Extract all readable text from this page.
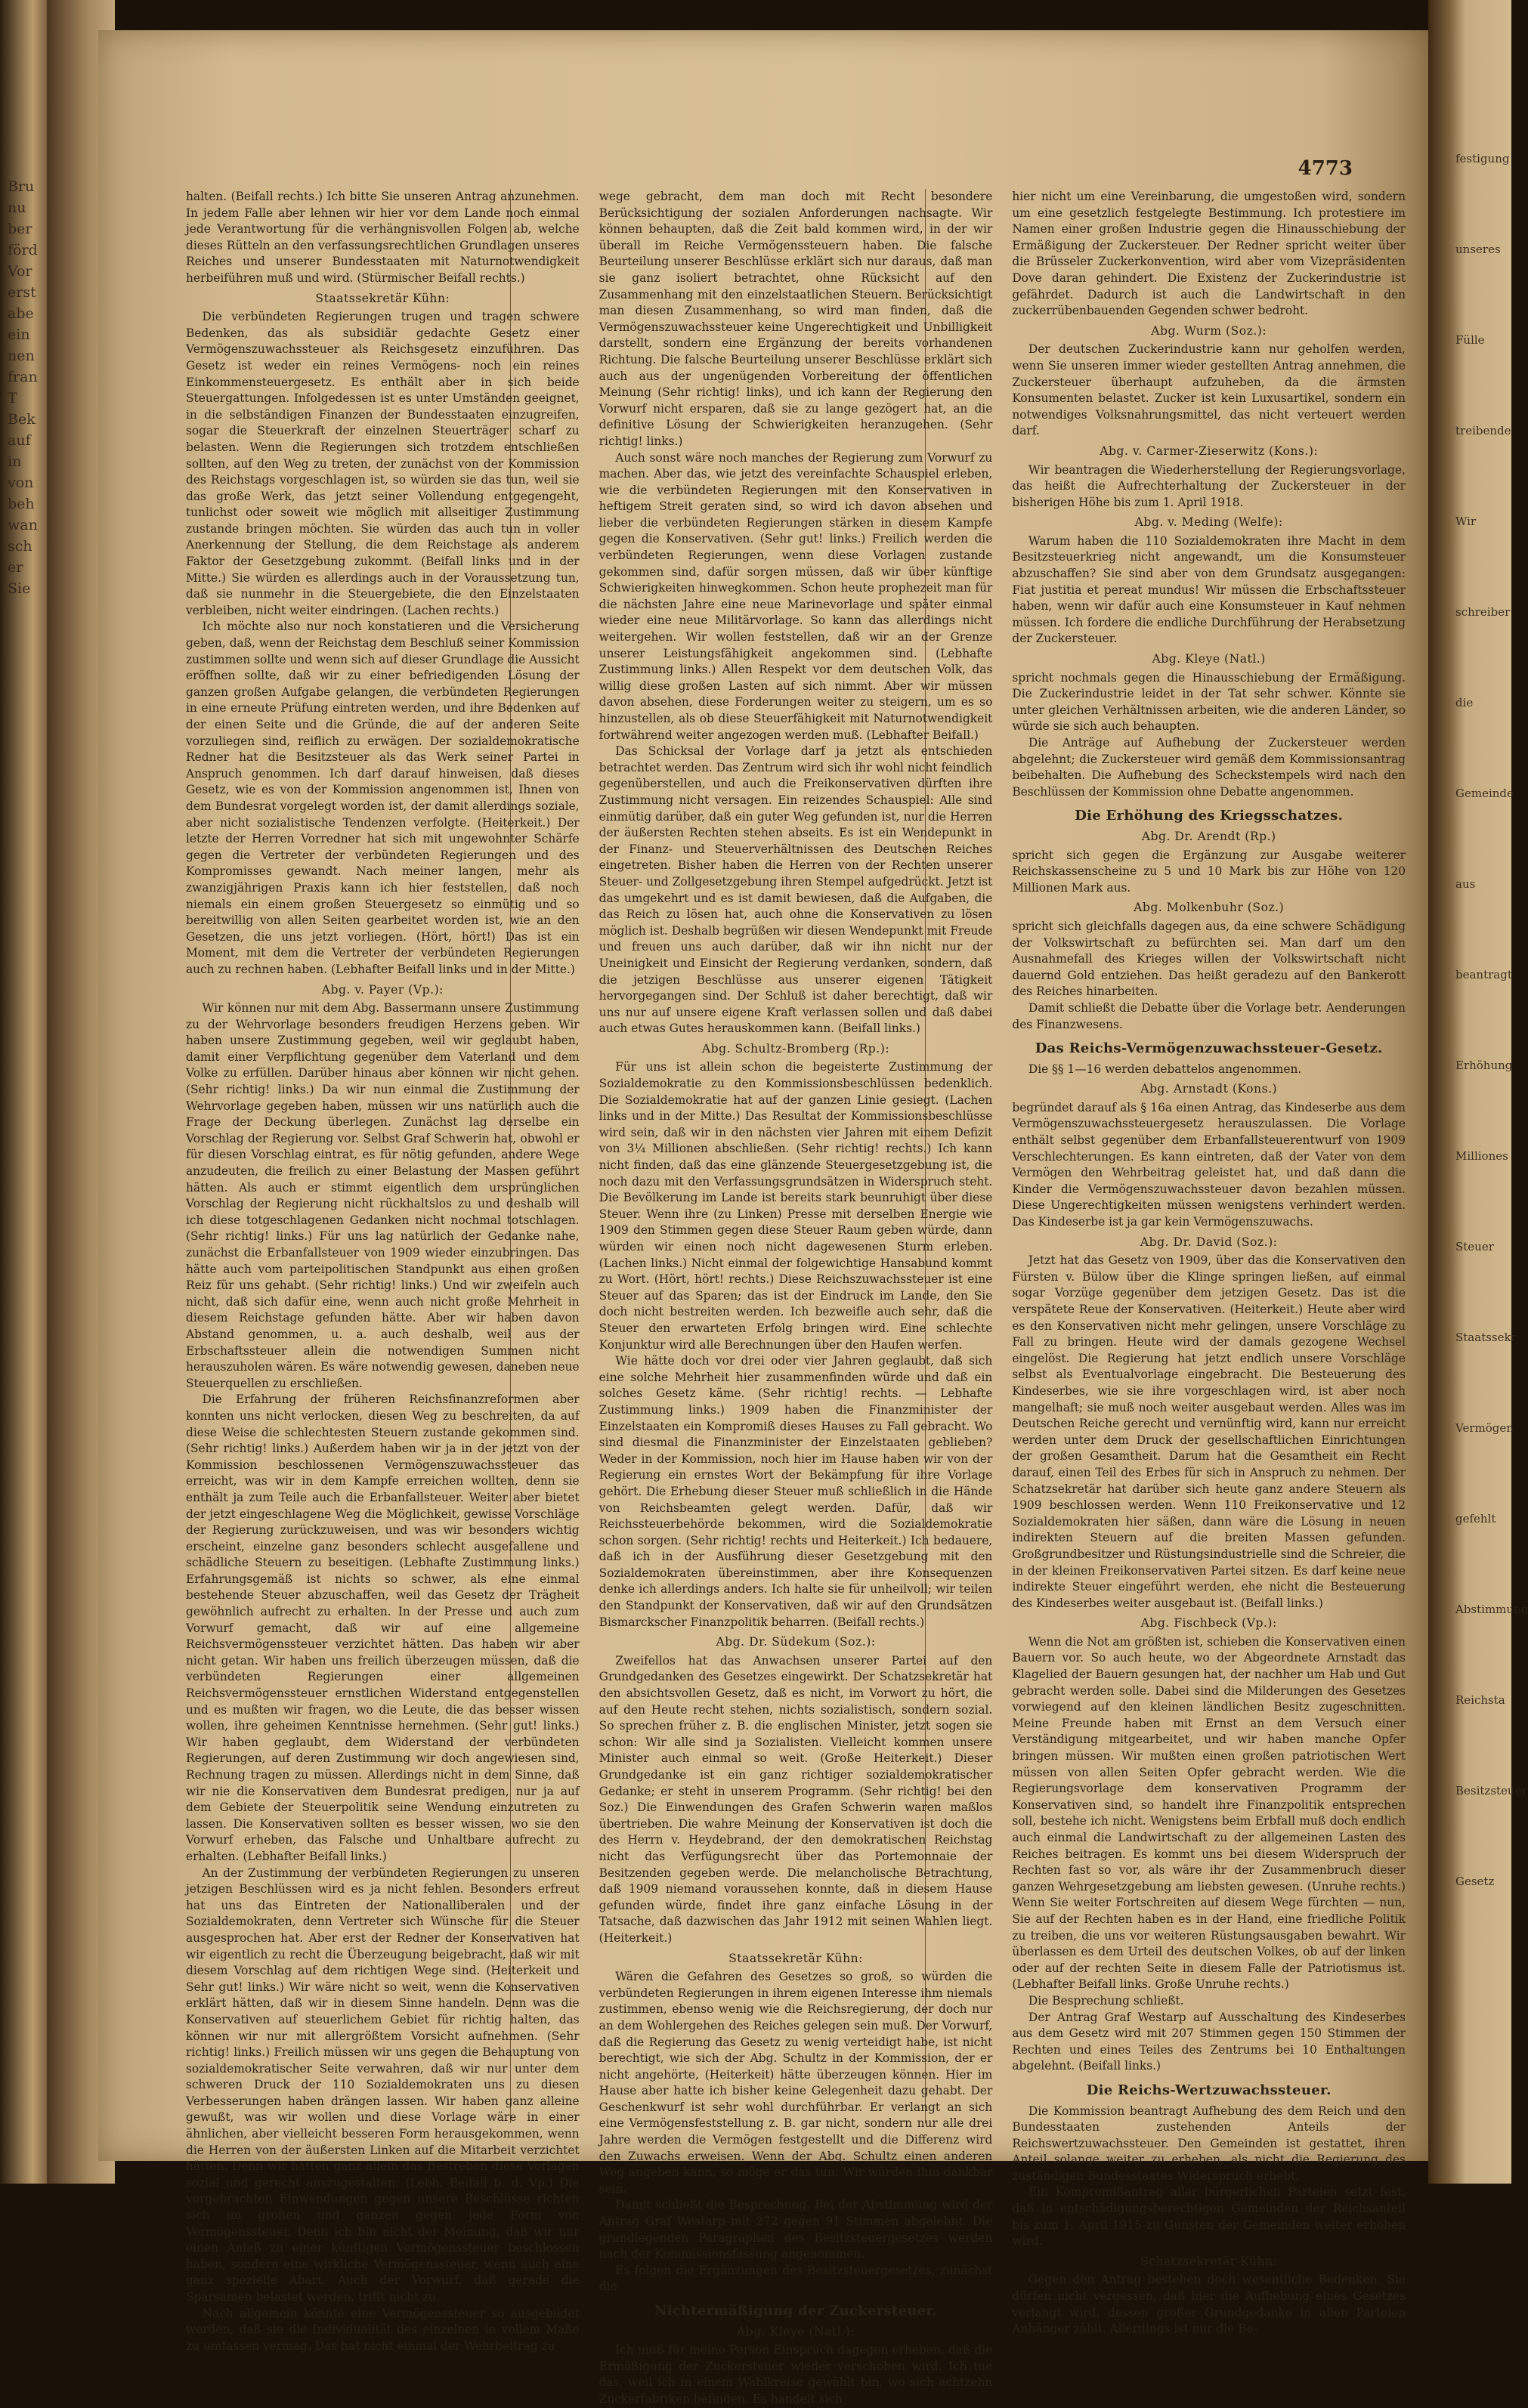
Bru
nu
ber
förd
Vor
erst
abe
ein
nen
fran
T
Bek
auf
in
von
beh
wan
sch
er
Sie
4773

halten. (Beifall rechts.) Ich bitte Sie unseren Antrag anzunehmen. In jedem Falle aber lehnen wir hier vor dem Lande noch einmal jede Verantwortung für die verhängnisvollen Folgen ab, welche dieses Rütteln an den verfassungsrechtlichen Grundlagen unseres Reiches und unserer Bundesstaaten mit Naturnotwendigkeit herbeiführen muß und wird. (Stürmischer Beifall rechts.)

Staatssekretär Kühn:

Die verbündeten Regierungen trugen und tragen schwere Bedenken, das als subsidiär gedachte Gesetz einer Vermögenszuwachssteuer als Reichsgesetz einzuführen. Das Gesetz ist weder ein reines Vermögens- noch ein reines Einkommensteuergesetz. Es enthält aber in sich beide Steuergattungen. Infolgedessen ist es unter Umständen geeignet, in die selbständigen Finanzen der Bundesstaaten einzugreifen, sogar die Steuerkraft der einzelnen Steuerträger scharf zu belasten. Wenn die Regierungen sich trotzdem entschließen sollten, auf den Weg zu treten, der zunächst von der Kommission des Reichstags vorgeschlagen ist, so würden sie das tun, weil sie das große Werk, das jetzt seiner Vollendung entgegengeht, tunlichst oder soweit wie möglich mit allseitiger Zustimmung zustande bringen möchten. Sie würden das auch tun in voller Anerkennung der Stellung, die dem Reichstage als anderem Faktor der Gesetzgebung zukommt. (Beifall links und in der Mitte.) Sie würden es allerdings auch in der Voraussetzung tun, daß sie nunmehr in die Steuergebiete, die den Einzelstaaten verbleiben, nicht weiter eindringen. (Lachen rechts.)

Ich möchte also nur noch konstatieren und die Versicherung geben, daß, wenn der Reichstag dem Beschluß seiner Kommission zustimmen sollte und wenn sich auf dieser Grundlage die Aussicht eröffnen sollte, daß wir zu einer befriedigenden Lösung der ganzen großen Aufgabe gelangen, die verbündeten Regierungen in eine erneute Prüfung eintreten werden, und ihre Bedenken auf der einen Seite und die Gründe, die auf der anderen Seite vorzuliegen sind, reiflich zu erwägen. Der sozialdemokratische Redner hat die Besitzsteuer als das Werk seiner Partei in Anspruch genommen. Ich darf darauf hinweisen, daß dieses Gesetz, wie es von der Kommission angenommen ist, Ihnen von dem Bundesrat vorgelegt worden ist, der damit allerdings soziale, aber nicht sozialistische Tendenzen verfolgte. (Heiterkeit.) Der letzte der Herren Vorredner hat sich mit ungewohnter Schärfe gegen die Vertreter der verbündeten Regierungen und des Kompromisses gewandt. Nach meiner langen, mehr als zwanzigjährigen Praxis kann ich hier feststellen, daß noch niemals ein einem großen Steuergesetz so einmütig und so bereitwillig von allen Seiten gearbeitet worden ist, wie an den Gesetzen, die uns jetzt vorliegen. (Hört, hört!) Das ist ein Moment, mit dem die Vertreter der verbündeten Regierungen auch zu rechnen haben. (Lebhafter Beifall links und in der Mitte.)

Abg. v. Payer (Vp.):

Wir können nur mit dem Abg. Bassermann unsere Zustimmung zu der Wehrvorlage besonders freudigen Herzens geben. Wir haben unsere Zustimmung gegeben, weil wir geglaubt haben, damit einer Verpflichtung gegenüber dem Vaterland und dem Volke zu erfüllen. Darüber hinaus aber können wir nicht gehen. (Sehr richtig! links.) Da wir nun einmal die Zustimmung der Wehrvorlage gegeben haben, müssen wir uns natürlich auch die Frage der Deckung überlegen. Zunächst lag derselbe ein Vorschlag der Regierung vor. Selbst Graf Schwerin hat, obwohl er für diesen Vorschlag eintrat, es für nötig gefunden, andere Wege anzudeuten, die freilich zu einer Belastung der Massen geführt hätten. Als auch er stimmt eigentlich dem ursprünglichen Vorschlag der Regierung nicht rückhaltslos zu und deshalb will ich diese totgeschlagenen Gedanken nicht nochmal totschlagen. (Sehr richtig! links.) Für uns lag natürlich der Gedanke nahe, zunächst die Erbanfallsteuer von 1909 wieder einzubringen. Das hätte auch vom parteipolitischen Standpunkt aus einen großen Reiz für uns gehabt. (Sehr richtig! links.) Und wir zweifeln auch nicht, daß sich dafür eine, wenn auch nicht große Mehrheit in diesem Reichstage gefunden hätte. Aber wir haben davon Abstand genommen, u. a. auch deshalb, weil aus der Erbschaftssteuer allein die notwendigen Summen nicht herauszuholen wären. Es wäre notwendig gewesen, daneben neue Steuerquellen zu erschließen.

Die Erfahrung der früheren Reichsfinanzreformen aber konnten uns nicht verlocken, diesen Weg zu beschreiten, da auf diese Weise die schlechtesten Steuern zustande gekommen sind. (Sehr richtig! links.) Außerdem haben wir ja in der jetzt von der Kommission beschlossenen Vermögenszuwachssteuer das erreicht, was wir in dem Kampfe erreichen wollten, denn sie enthält ja zum Teile auch die Erbanfallsteuer. Weiter aber bietet der jetzt eingeschlagene Weg die Möglichkeit, gewisse Vorschläge der Regierung zurückzuweisen, und was wir besonders wichtig erscheint, einzelne ganz besonders schlecht ausgefallene und schädliche Steuern zu beseitigen. (Lebhafte Zustimmung links.) Erfahrungsgemäß ist nichts so schwer, als eine einmal bestehende Steuer abzuschaffen, weil das Gesetz der Trägheit gewöhnlich aufrecht zu erhalten. In der Presse und auch zum Vorwurf gemacht, daß wir auf eine allgemeine Reichsvermögenssteuer verzichtet hätten. Das haben wir aber nicht getan. Wir haben uns freilich überzeugen müssen, daß die verbündeten Regierungen einer allgemeinen Reichsvermögenssteuer ernstlichen Widerstand entgegenstellen und es mußten wir fragen, wo die Leute, die das besser wissen wollen, ihre geheimen Kenntnisse hernehmen. (Sehr gut! links.) Wir haben geglaubt, dem Widerstand der verbündeten Regierungen, auf deren Zustimmung wir doch angewiesen sind, Rechnung tragen zu müssen. Allerdings nicht in dem Sinne, daß wir nie die Konservativen dem Bundesrat predigen, nur ja auf dem Gebiete der Steuerpolitik seine Wendung einzutreten zu lassen. Die Konservativen sollten es besser wissen, wo sie den Vorwurf erheben, das Falsche und Unhaltbare aufrecht zu erhalten. (Lebhafter Beifall links.)

An der Zustimmung der verbündeten Regierungen zu unseren jetzigen Beschlüssen wird es ja nicht fehlen. Besonders erfreut hat uns das Eintreten der Nationalliberalen und der Sozialdemokraten, denn Vertreter sich Wünsche für die Steuer ausgesprochen hat. Aber erst der Redner der Konservativen hat wir eigentlich zu recht die Überzeugung beigebracht, daß wir mit diesem Vorschlag auf dem richtigen Wege sind. (Heiterkeit und Sehr gut! links.) Wir wäre nicht so weit, wenn die Konservativen erklärt hätten, daß wir in diesem Sinne handeln. Denn was die Konservativen auf steuerlichem Gebiet für richtig halten, das können wir nur mit allergrößtem Vorsicht aufnehmen. (Sehr richtig! links.) Freilich müssen wir uns gegen die Behauptung von sozialdemokratischer Seite verwahren, daß wir nur unter dem schweren Druck der 110 Sozialdemokraten uns zu diesen Verbesserungen haben drängen lassen. Wir haben ganz alleine gewußt, was wir wollen und diese Vorlage wäre in einer ähnlichen, aber vielleicht besseren Form herausgekommen, wenn die Herren von der äußersten Linken auf die Mitarbeit verzichtet hätten. Denn wir hatten ganz allein das Bestreben diese Vorlagen sozial und gerecht auszugestalten. (Lebh. Beifall b. d. Vp.) Die vorgebrachten Einwendungen gegen unsere Beschlüsse richten sich im großen und ganzen gegen jede Form von Vermögenssteuer. Denn ich bin nicht der Meinung, daß wir nur einen Anlaß zu einer künftigen Vermögenssteuer beschlossen haben, sondern eine wirkliche Vermögenssteuer, wenn auch eine ganz spezielle Abart. Auch der Vorwurf, daß gerade die Sparsamen belastet werden, trifft nicht zu.

Nach allgemein könnte eine Vermögenssteuer so ausgebildet werden, daß sie die Individualität des einzelnen in vollem Maße zu umfassen vermag. Das hat nicht einmal der Wehrbeitrag zu

wege gebracht, dem man doch mit Recht besondere Berücksichtigung der sozialen Anforderungen nachsagte. Wir können behaupten, daß die Zeit bald kommen wird, in der wir überall im Reiche Vermögenssteuern haben. Die falsche Beurteilung unserer Beschlüsse erklärt sich nur daraus, daß man sie ganz isoliert betrachtet, ohne Rücksicht auf den Zusammenhang mit den einzelstaatlichen Steuern. Berücksichtigt man diesen Zusammenhang, so wird man finden, daß die Vermögenszuwachssteuer keine Ungerechtigkeit und Unbilligkeit darstellt, sondern eine Ergänzung der bereits vorhandenen Richtung. Die falsche Beurteilung unserer Beschlüsse erklärt sich auch aus der ungenügenden Vorbereitung der öffentlichen Meinung (Sehr richtig! links), und ich kann der Regierung den Vorwurf nicht ersparen, daß sie zu lange gezögert hat, an die definitive Lösung der Schwierigkeiten heranzugehen. (Sehr richtig! links.)

Auch sonst wäre noch manches der Regierung zum Vorwurf zu machen. Aber das, wie jetzt des vereinfachte Schauspiel erleben, wie die verbündeten Regierungen mit den Konservativen in heftigem Streit geraten sind, so wird ich davon absehen und lieber die verbündeten Regierungen stärken in diesem Kampfe gegen die Konservativen. (Sehr gut! links.) Freilich werden die verbündeten Regierungen, wenn diese Vorlagen zustande gekommen sind, dafür sorgen müssen, daß wir über künftige Schwierigkeiten hinwegkommen. Schon heute prophezeit man für die nächsten Jahre eine neue Marinevorlage und später einmal wieder eine neue Militärvorlage. So kann das allerdings nicht weitergehen. Wir wollen feststellen, daß wir an der Grenze unserer Leistungsfähigkeit angekommen sind. (Lebhafte Zustimmung links.) Allen Respekt vor dem deutschen Volk, das willig diese großen Lasten auf sich nimmt. Aber wir müssen davon absehen, diese Forderungen weiter zu steigern, um es so hinzustellen, als ob diese Steuerfähigkeit mit Naturnotwendigkeit fortwährend weiter angezogen werden muß. (Lebhafter Beifall.)

Das Schicksal der Vorlage darf ja jetzt als entschieden betrachtet werden. Das Zentrum wird sich ihr wohl nicht feindlich gegenüberstellen, und auch die Freikonservativen dürften ihre Zustimmung nicht versagen. Ein reizendes Schauspiel: Alle sind einmütig darüber, daß ein guter Weg gefunden ist, nur die Herren der äußersten Rechten stehen abseits. Es ist ein Wendepunkt in der Finanz- und Steuerverhältnissen des Deutschen Reiches eingetreten. Bisher haben die Herren von der Rechten unserer Steuer- und Zollgesetzgebung ihren Stempel aufgedrückt. Jetzt ist das umgekehrt und es ist damit bewiesen, daß die Aufgaben, die das Reich zu lösen hat, auch ohne die Konservativen zu lösen möglich ist. Deshalb begrüßen wir diesen Wendepunkt mit Freude und freuen uns auch darüber, daß wir ihn nicht nur der Uneinigkeit und Einsicht der Regierung verdanken, sondern, daß die jetzigen Beschlüsse aus unserer eigenen Tätigkeit hervorgegangen sind. Der Schluß ist daher berechtigt, daß wir uns nur auf unsere eigene Kraft verlassen sollen und daß dabei auch etwas Gutes herauskommen kann. (Beifall links.)

Abg. Schultz-Bromberg (Rp.):

Für uns ist allein schon die begeisterte Zustimmung der Sozialdemokratie zu den Kommissionsbeschlüssen bedenklich. Die Sozialdemokratie hat auf der ganzen Linie gesiegt. (Lachen links und in der Mitte.) Das Resultat der Kommissionsbeschlüsse wird sein, daß wir in den nächsten vier Jahren mit einem Defizit von 3¼ Millionen abschließen. (Sehr richtig! rechts.) Ich kann nicht finden, daß das eine glänzende Steuergesetzgebung ist, die noch dazu mit den Verfassungsgrundsätzen in Widerspruch steht. Die Bevölkerung im Lande ist bereits stark beunruhigt über diese Steuer. Wenn ihre (zu Linken) Presse mit derselben Energie wie 1909 den Stimmen gegen diese Steuer Raum geben würde, dann würden wir einen noch nicht dagewesenen Sturm erleben. (Lachen links.) Nicht einmal der folgewichtige Hansabund kommt zu Wort. (Hört, hört! rechts.) Diese Reichszuwachssteuer ist eine Steuer auf das Sparen; das ist der Eindruck im Lande, den Sie doch nicht bestreiten werden. Ich bezweifle auch sehr, daß die Steuer den erwarteten Erfolg bringen wird. Eine schlechte Konjunktur wird alle Berechnungen über den Haufen werfen.

Wie hätte doch vor drei oder vier Jahren geglaubt, daß sich eine solche Mehrheit hier zusammenfinden würde und daß ein solches Gesetz käme. (Sehr richtig! rechts. — Lebhafte Zustimmung links.) 1909 haben die Finanzminister der Einzelstaaten ein Kompromiß dieses Hauses zu Fall gebracht. Wo sind diesmal die Finanzminister der Einzelstaaten geblieben? Weder in der Kommission, noch hier im Hause haben wir von der Regierung ein ernstes Wort der Bekämpfung für ihre Vorlage gehört. Die Erhebung dieser Steuer muß schließlich in die Hände von Reichsbeamten gelegt werden. Dafür, daß wir Reichssteuerbehörde bekommen, wird die Sozialdemokratie schon sorgen. (Sehr richtig! rechts und Heiterkeit.) Ich bedauere, daß ich in der Ausführung dieser Gesetzgebung mit den Sozialdemokraten übereinstimmen, aber ihre Konsequenzen denke ich allerdings anders. Ich halte sie für unheilvoll; wir teilen den Standpunkt der Konservativen, daß wir auf den Grundsätzen Bismarckscher Finanzpolitik beharren. (Beifall rechts.)

Abg. Dr. Südekum (Soz.):

Zweifellos hat das Anwachsen unserer Partei auf den Grundgedanken des Gesetzes eingewirkt. Der Schatzsekretär hat den absichtsvollen Gesetz, daß es nicht, im Vorwort zu hört, die auf den Heute recht stehen, nichts sozialistisch, sondern sozial. So sprechen früher z. B. die englischen Minister, jetzt sogen sie schon: Wir alle sind ja Sozialisten. Vielleicht kommen unsere Minister auch einmal so weit. (Große Heiterkeit.) Dieser Grundgedanke ist ein ganz richtiger sozialdemokratischer Gedanke; er steht in unserem Programm. (Sehr richtig! bei den Soz.) Die Einwendungen des Grafen Schwerin waren maßlos übertrieben. Die wahre Meinung der Konservativen ist doch die des Herrn v. Heydebrand, der den demokratischen Reichstag nicht das Verfügungsrecht über das Portemonnaie der Besitzenden gegeben werde. Die melancholische Betrachtung, daß 1909 niemand voraussehen konnte, daß in diesem Hause gefunden würde, findet ihre ganz einfache Lösung in der Tatsache, daß dazwischen das Jahr 1912 mit seinen Wahlen liegt. (Heiterkeit.)

Staatssekretär Kühn:

Wären die Gefahren des Gesetzes so groß, so würden die verbündeten Regierungen in ihrem eigenen Interesse ihm niemals zustimmen, ebenso wenig wie die Reichsregierung, der doch nur an dem Wohlergehen des Reiches gelegen sein muß. Der Vorwurf, daß die Regierung das Gesetz zu wenig verteidigt habe, ist nicht berechtigt, wie sich der Abg. Schultz in der Kommission, der er nicht angehörte, (Heiterkeit) hätte überzeugen können. Hier im Hause aber hatte ich bisher keine Gelegenheit dazu gehabt. Der Geschenkwurf ist sehr wohl durchführbar. Er verlangt an sich eine Vermögensfeststellung z. B. gar nicht, sondern nur alle drei Jahre werden die Vermögen festgestellt und die Differenz wird den Zuwachs erweisen. Wenn der Abg. Schultz einen anderen Weg angeben kann, so möge er das tun. Wir würden ihm dankbar sein.

Damit schließt die Besprechung. Bei der Abstimmung wird der Antrag Graf Westarp mit 272 gegen 91 Stimmen abgelehnt. Die grundlegenden Paragraphen des Besitzsteuergesetzes werden nach der Kommissionsfassung angenommen.

Es folgen die Ergänzungen des Besitzsteuergesetzes, zunächst die

Nichtermäßigung der Zuckersteuer.
Abg. Kleye (Natl.):

Ich muß für meine Person Einspruch dagegen erheben, daß die Ermäßigung der Zuckersteuer wieder verschoben wird. Ich tue das, weil ich in einem Wahlkreise gewählt bin, wo sich achtzehn Zuckerfabriken befinden. Es handelt sich

hier nicht um eine Vereinbarung, die umgestoßen wird, sondern um eine gesetzlich festgelegte Bestimmung. Ich protestiere im Namen einer großen Industrie gegen die Hinausschiebung der Ermäßigung der Zuckersteuer. Der Redner spricht weiter über die Brüsseler Zuckerkonvention, wird aber vom Vizepräsidenten Dove daran gehindert. Die Existenz der Zuckerindustrie ist gefährdet. Dadurch ist auch die Landwirtschaft in den zuckerrübenbauenden Gegenden schwer bedroht.

Abg. Wurm (Soz.):

Der deutschen Zuckerindustrie kann nur geholfen werden, wenn Sie unseren immer wieder gestellten Antrag annehmen, die Zuckersteuer überhaupt aufzuheben, da die ärmsten Konsumenten belastet. Zucker ist kein Luxusartikel, sondern ein notwendiges Volksnahrungsmittel, das nicht verteuert werden darf.

Abg. v. Carmer-Zieserwitz (Kons.):

Wir beantragen die Wiederherstellung der Regierungsvorlage, das heißt die Aufrechterhaltung der Zuckersteuer in der bisherigen Höhe bis zum 1. April 1918.

Abg. v. Meding (Welfe):

Warum haben die 110 Sozialdemokraten ihre Macht in dem Besitzsteuerkrieg nicht angewandt, um die Konsumsteuer abzuschaffen? Sie sind aber von dem Grundsatz ausgegangen: Fiat justitia et pereat mundus! Wir müssen die Erbschaftssteuer haben, wenn wir dafür auch eine Konsumsteuer in Kauf nehmen müssen. Ich fordere die endliche Durchführung der Herabsetzung der Zuckersteuer.

Abg. Kleye (Natl.)

spricht nochmals gegen die Hinausschiebung der Ermäßigung. Die Zuckerindustrie leidet in der Tat sehr schwer. Könnte sie unter gleichen Verhältnissen arbeiten, wie die anderen Länder, so würde sie sich auch behaupten.

Die Anträge auf Aufhebung der Zuckersteuer werden abgelehnt; die Zuckersteuer wird gemäß dem Kommissionsantrag beibehalten. Die Aufhebung des Scheckstempels wird nach den Beschlüssen der Kommission ohne Debatte angenommen.

Die Erhöhung des Kriegsschatzes.
Abg. Dr. Arendt (Rp.)

spricht sich gegen die Ergänzung zur Ausgabe weiterer Reichskassenscheine zu 5 und 10 Mark bis zur Höhe von 120 Millionen Mark aus.

Abg. Molkenbuhr (Soz.)

spricht sich gleichfalls dagegen aus, da eine schwere Schädigung der Volkswirtschaft zu befürchten sei. Man darf um den Ausnahmefall des Krieges willen der Volkswirtschaft nicht dauernd Gold entziehen. Das heißt geradezu auf den Bankerott des Reiches hinarbeiten.

Damit schließt die Debatte über die Vorlage betr. Aenderungen des Finanzwesens.

Das Reichs-Vermögenzuwachssteuer-Gesetz.

Die §§ 1—16 werden debattelos angenommen.

Abg. Arnstadt (Kons.)

begründet darauf als § 16a einen Antrag, das Kindeserbe aus dem Vermögenszuwachssteuergesetz herauszulassen. Die Vorlage enthält selbst gegenüber dem Erbanfallsteuerentwurf von 1909 Verschlechterungen. Es kann eintreten, daß der Vater von dem Vermögen den Wehrbeitrag geleistet hat, und daß dann die Kinder die Vermögenszuwachssteuer davon bezahlen müssen. Diese Ungerechtigkeiten müssen wenigstens verhindert werden. Das Kindeserbe ist ja gar kein Vermögenszuwachs.

Abg. Dr. David (Soz.):

Jetzt hat das Gesetz von 1909, über das die Konservativen den Fürsten v. Bülow über die Klinge springen ließen, auf einmal sogar Vorzüge gegenüber dem jetzigen Gesetz. Das ist die verspätete Reue der Konservativen. (Heiterkeit.) Heute aber wird es den Konservativen nicht mehr gelingen, unsere Vorschläge zu Fall zu bringen. Heute wird der damals gezogene Wechsel eingelöst. Die Regierung hat jetzt endlich unsere Vorschläge selbst als Eventualvorlage eingebracht. Die Besteuerung des Kindeserbes, wie sie ihre vorgeschlagen wird, ist aber noch mangelhaft; sie muß noch weiter ausgebaut werden. Alles was im Deutschen Reiche gerecht und vernünftig wird, kann nur erreicht werden unter dem Druck der gesellschaftlichen Einrichtungen der großen Gesamtheit. Darum hat die Gesamtheit ein Recht darauf, einen Teil des Erbes für sich in Anspruch zu nehmen. Der Schatzsekretär hat darüber sich heute ganz andere Steuern als 1909 beschlossen werden. Wenn 110 Freikonservative und 12 Sozialdemokraten hier säßen, dann wäre die Lösung in neuen indirekten Steuern auf die breiten Massen gefunden. Großgrundbesitzer und Rüstungsindustrielle sind die Schreier, die in der kleinen Freikonservativen Partei sitzen. Es darf keine neue indirekte Steuer eingeführt werden, ehe nicht die Besteuerung des Kindeserbes weiter ausgebaut ist. (Beifall links.)

Abg. Fischbeck (Vp.):

Wenn die Not am größten ist, schieben die Konservativen einen Bauern vor. So auch heute, wo der Abgeordnete Arnstadt das Klagelied der Bauern gesungen hat, der nachher um Hab und Gut gebracht werden solle. Dabei sind die Milderungen des Gesetzes vorwiegend auf den kleinen ländlichen Besitz zugeschnitten. Meine Freunde haben mit Ernst an dem Versuch einer Verständigung mitgearbeitet, und wir haben manche Opfer bringen müssen. Wir mußten einen großen patriotischen Wert müssen von allen Seiten Opfer gebracht werden. Wie die Regierungsvorlage dem konservativen Programm der Konservativen sind, so handelt ihre Finanzpolitik entsprechen soll, bestehe ich nicht. Wenigstens beim Erbfall muß doch endlich auch einmal die Landwirtschaft zu der allgemeinen Lasten des Reiches beitragen. Es kommt uns bei diesem Widerspruch der Rechten fast so vor, als wäre ihr der Zusammenbruch dieser ganzen Wehrgesetzgebung am liebsten gewesen. (Unruhe rechts.) Wenn Sie weiter Fortschreiten auf diesem Wege fürchten — nun, Sie auf der Rechten haben es in der Hand, eine friedliche Politik zu treiben, die uns vor weiteren Rüstungsausgaben bewahrt. Wir überlassen es dem Urteil des deutschen Volkes, ob auf der linken oder auf der rechten Seite in diesem Falle der Patriotismus ist. (Lebhafter Beifall links. Große Unruhe rechts.)

Die Besprechung schließt.

Der Antrag Graf Westarp auf Ausschaltung des Kindeserbes aus dem Gesetz wird mit 207 Stimmen gegen 150 Stimmen der Rechten und eines Teiles des Zentrums bei 10 Enthaltungen abgelehnt. (Beifall links.)

Die Reichs-Wertzuwachssteuer.

Die Kommission beantragt Aufhebung des dem Reich und den Bundesstaaten zustehenden Anteils der Reichswertzuwachssteuer. Den Gemeinden ist gestattet, ihren Anteil solange weiter zu erheben, als nicht die Regierung des zuständigen Bundesstaates Widerspruch erhebt.

Ein Kompromißantrag aller bürgerlichen Parteien setzt fest, daß in entschädigungsberechtigen Gemeinden der Reichsanteil bis zum 1. April 1915 zu Gunsten der Gemeinden weiter erhoben wird.

Schatzsekretär Kühn:

Gegen den Antrag bestehen doch wesentliche Bedenken. Sie dürfen nicht vergessen, daß hier die Aufhebung eines Gesetzes verlangt wird, dessen großer Grundgedanke in allen Parteien Anhänger zählt. Allerdings ist nur die Be-

festigung
unseres
Fülle
treibende
Wir
schreiber
die
Gemeinde
aus
beantragt
Erhöhung
Milliones
Steuer
Staatssekr
Vermögen
gefehlt
Abstimmung
Reichsta
Besitzsteuer
Gesetz
